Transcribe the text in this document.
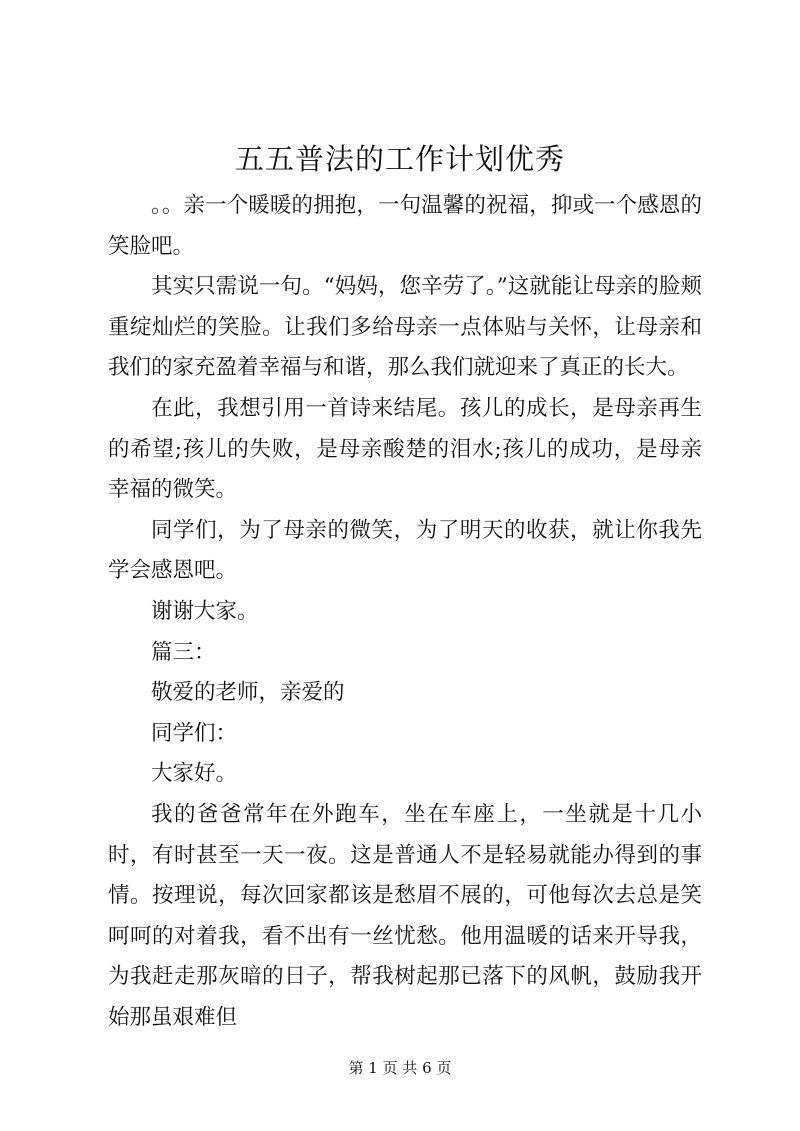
五五普法的工作计划优秀

。。亲一个暖暖的拥抱，一句温馨的祝福，抑或一个感恩的笑脸吧。

其实只需说一句。“妈妈，您辛劳了。”这就能让母亲的脸颊重绽灿烂的笑脸。让我们多给母亲一点体贴与关怀，让母亲和我们的家充盈着幸福与和谐，那么我们就迎来了真正的长大。

在此，我想引用一首诗来结尾。孩儿的成长，是母亲再生的希望;孩儿的失败，是母亲酸楚的泪水;孩儿的成功，是母亲幸福的微笑。

同学们，为了母亲的微笑，为了明天的收获，就让你我先学会感恩吧。

谢谢大家。

篇三：

敬爱的老师，亲爱的

同学们：

大家好。

我的爸爸常年在外跑车，坐在车座上，一坐就是十几小时，有时甚至一天一夜。这是普通人不是轻易就能办得到的事情。按理说，每次回家都该是愁眉不展的，可他每次去总是笑呵呵的对着我，看不出有一丝忧愁。他用温暖的话来开导我，为我赶走那灰暗的日子，帮我树起那已落下的风帆，鼓励我开始那虽艰难但

第 1 页 共 6 页
